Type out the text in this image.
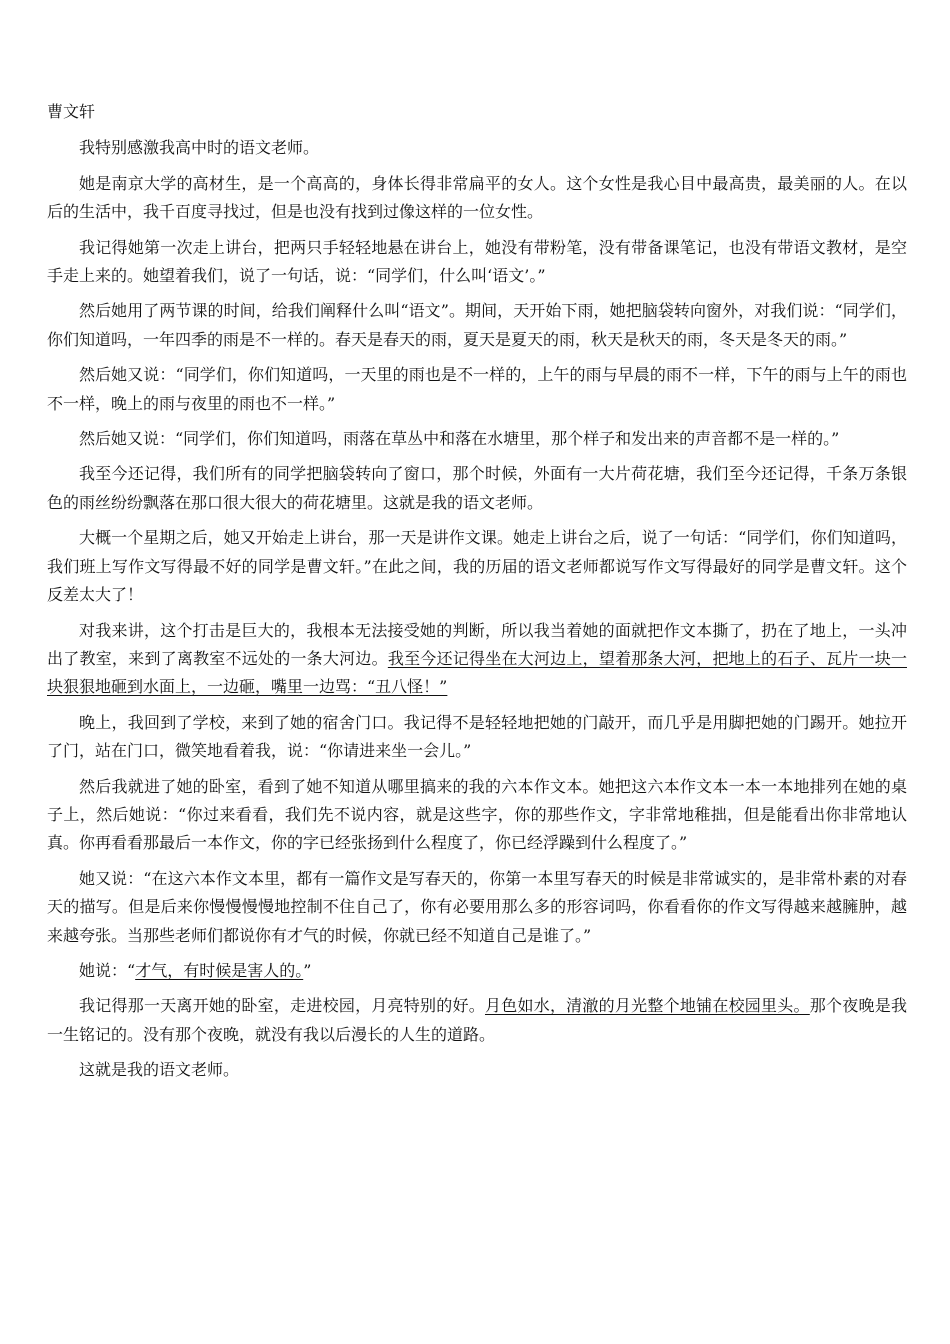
曹文轩

我特别感激我高中时的语文老师。

她是南京大学的高材生，是一个高高的，身体长得非常扁平的女人。这个女性是我心目中最高贵，最美丽的人。在以后的生活中，我千百度寻找过，但是也没有找到过像这样的一位女性。

我记得她第一次走上讲台，把两只手轻轻地悬在讲台上，她没有带粉笔，没有带备课笔记，也没有带语文教材，是空手走上来的。她望着我们，说了一句话，说：“同学们，什么叫‘语文’。”

然后她用了两节课的时间，给我们阐释什么叫“语文”。期间，天开始下雨，她把脑袋转向窗外，对我们说：“同学们，你们知道吗，一年四季的雨是不一样的。春天是春天的雨，夏天是夏天的雨，秋天是秋天的雨，冬天是冬天的雨。”

然后她又说：“同学们，你们知道吗，一天里的雨也是不一样的，上午的雨与早晨的雨不一样，下午的雨与上午的雨也不一样，晚上的雨与夜里的雨也不一样。”

然后她又说：“同学们，你们知道吗，雨落在草丛中和落在水塘里，那个样子和发出来的声音都不是一样的。”

我至今还记得，我们所有的同学把脑袋转向了窗口，那个时候，外面有一大片荷花塘，我们至今还记得，千条万条银色的雨丝纷纷飘落在那口很大很大的荷花塘里。这就是我的语文老师。

大概一个星期之后，她又开始走上讲台，那一天是讲作文课。她走上讲台之后，说了一句话：“同学们，你们知道吗，我们班上写作文写得最不好的同学是曹文轩。”在此之间，我的历届的语文老师都说写作文写得最好的同学是曹文轩。这个反差太大了！

对我来讲，这个打击是巨大的，我根本无法接受她的判断，所以我当着她的面就把作文本撕了，扔在了地上，一头冲出了教室，来到了离教室不远处的一条大河边。我至今还记得坐在大河边上，望着那条大河，把地上的石子、瓦片一块一块狠狠地砸到水面上，一边砸，嘴里一边骂：“丑八怪！”

晚上，我回到了学校，来到了她的宿舍门口。我记得不是轻轻地把她的门敲开，而几乎是用脚把她的门踢开。她拉开了门，站在门口，微笑地看着我，说：“你请进来坐一会儿。”

然后我就进了她的卧室，看到了她不知道从哪里搞来的我的六本作文本。她把这六本作文本一本一本地排列在她的桌子上，然后她说：“你过来看看，我们先不说内容，就是这些字，你的那些作文，字非常地稚拙，但是能看出你非常地认真。你再看看那最后一本作文，你的字已经张扬到什么程度了，你已经浮躁到什么程度了。”

她又说：“在这六本作文本里，都有一篇作文是写春天的，你第一本里写春天的时候是非常诚实的，是非常朴素的对春天的描写。但是后来你慢慢慢慢地控制不住自己了，你有必要用那么多的形容词吗，你看看你的作文写得越来越臃肿，越来越夸张。当那些老师们都说你有才气的时候，你就已经不知道自己是谁了。”

她说：“才气，有时候是害人的。”

我记得那一天离开她的卧室，走进校园，月亮特别的好。月色如水，清澈的月光整个地铺在校园里头。那个夜晚是我一生铭记的。没有那个夜晚，就没有我以后漫长的人生的道路。

这就是我的语文老师。
